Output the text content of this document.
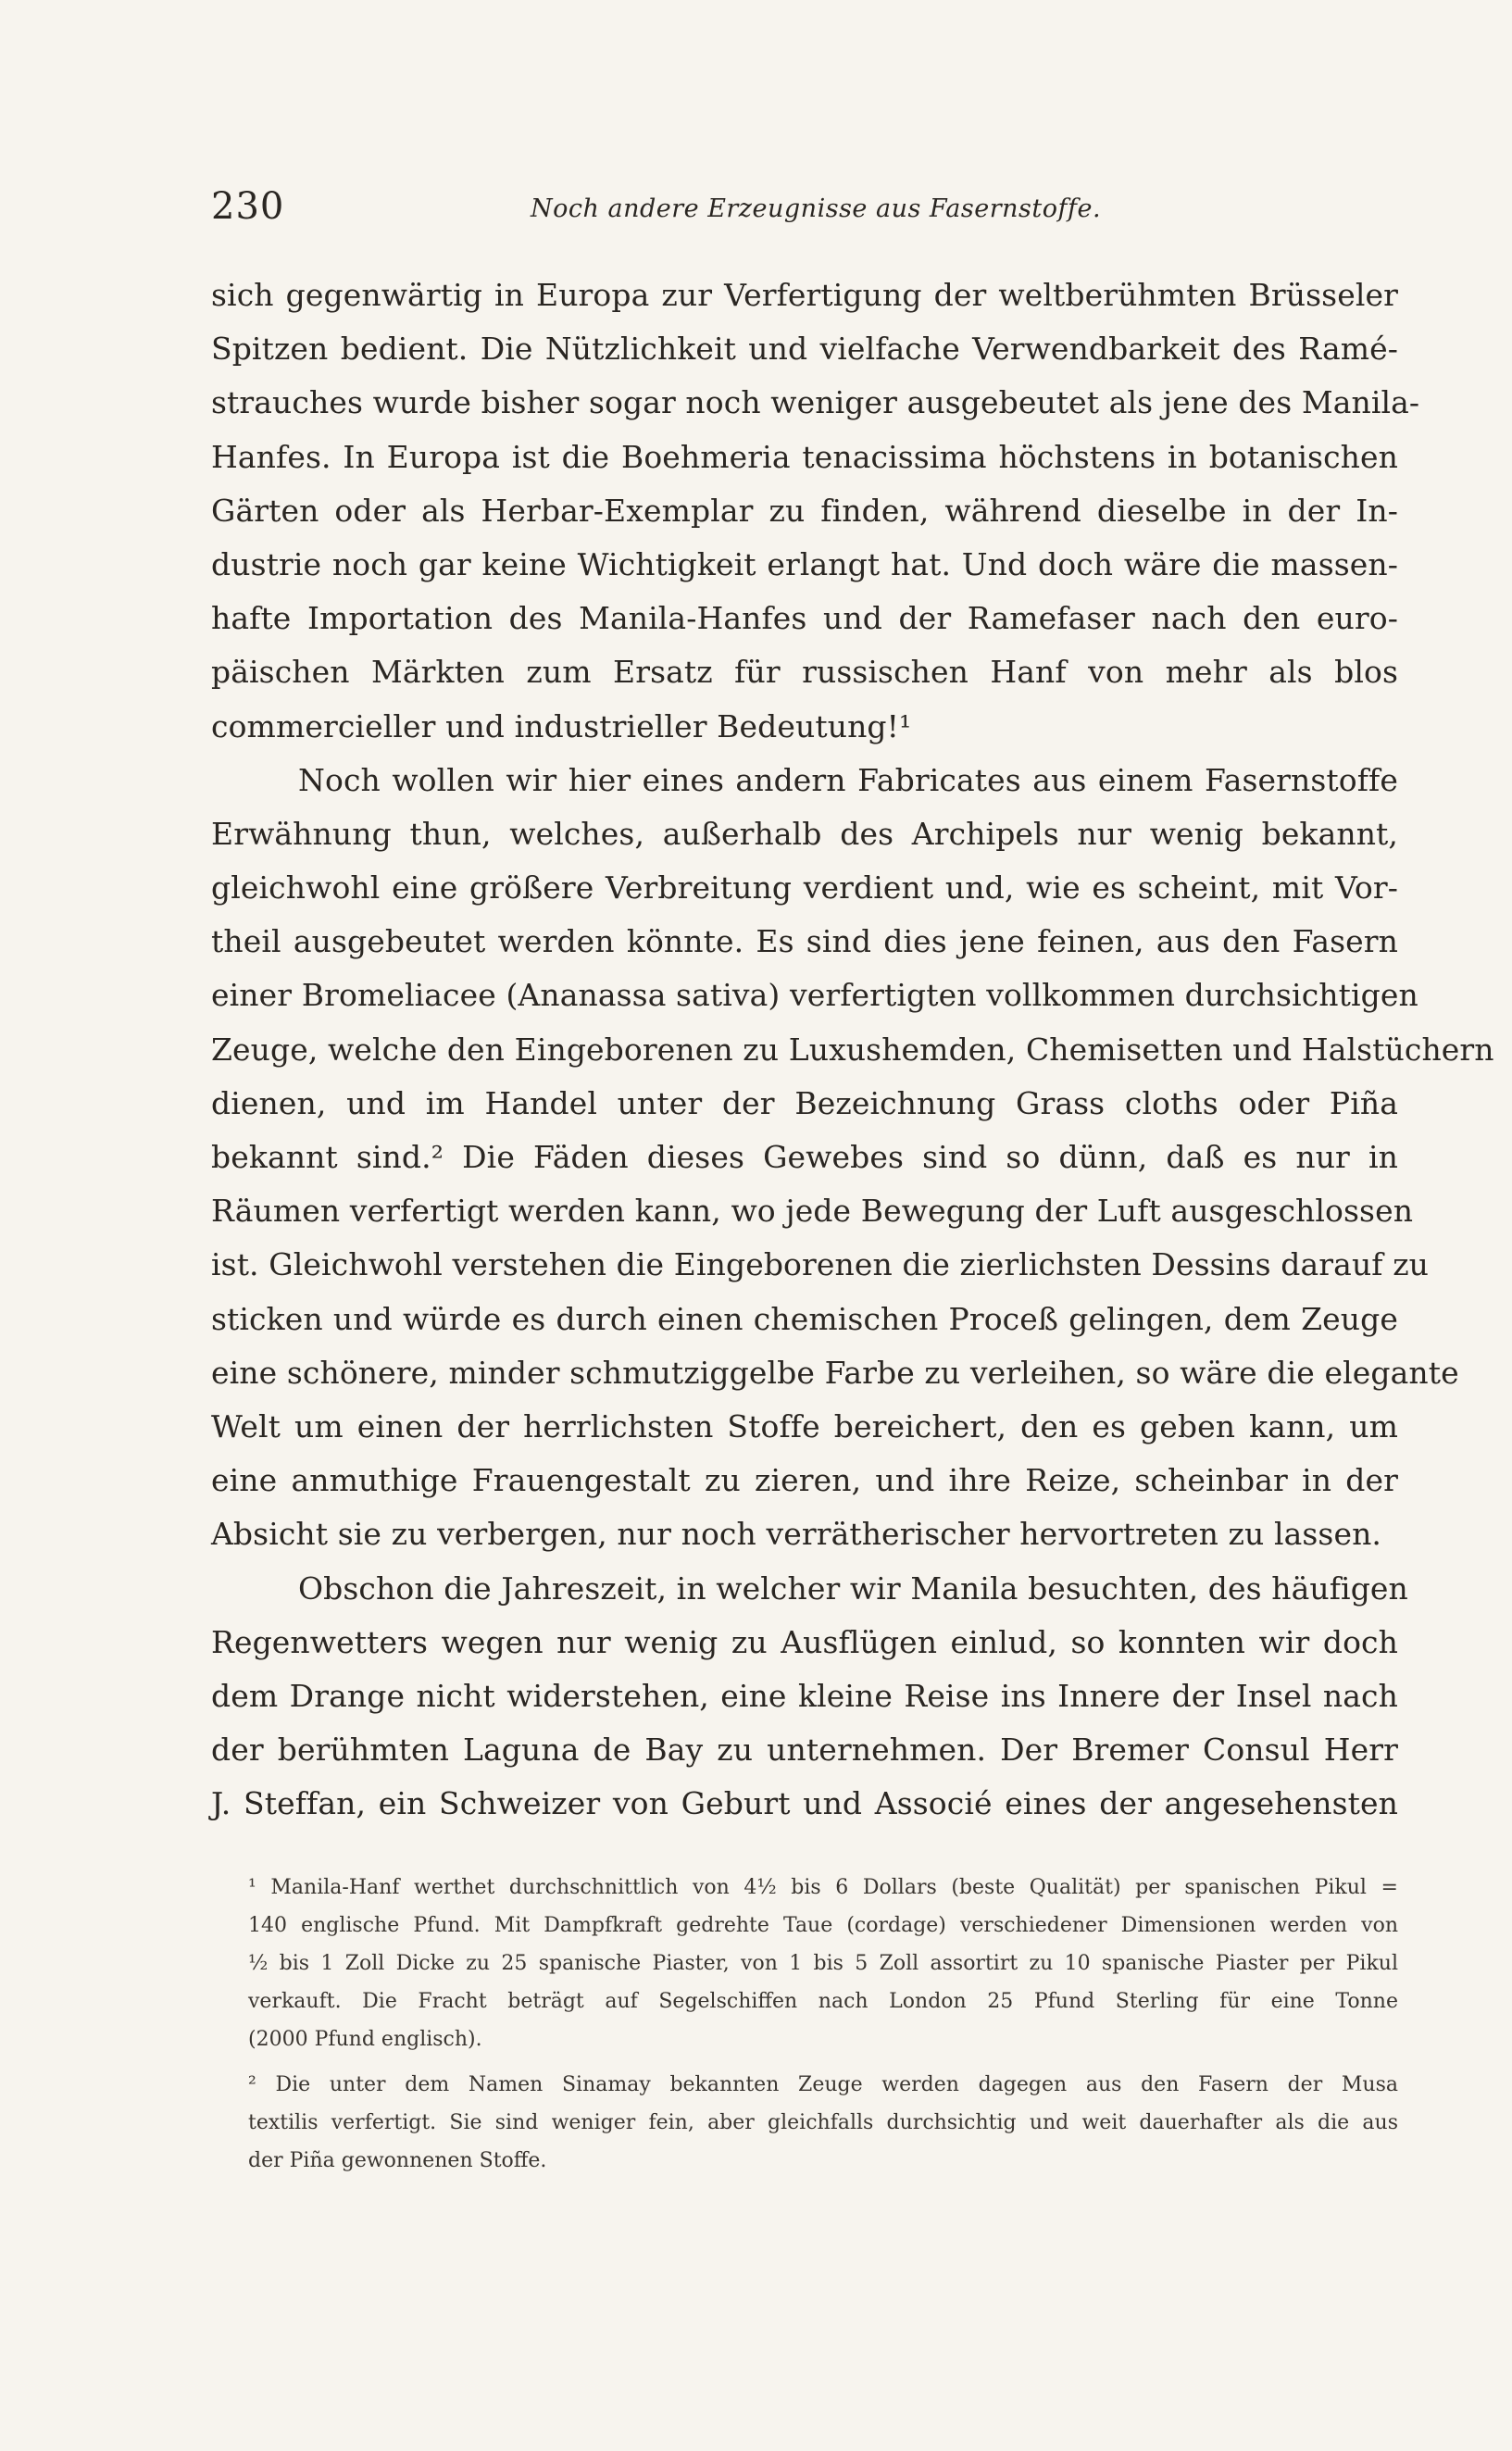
230	Noch andere Erzeugnisse aus Fasernstoffe.
sich gegenwärtig in Europa zur Verfertigung der weltberühmten Brüsseler
Spitzen bedient. Die Nützlichkeit und vielfache Verwendbarkeit des Ramé-
strauches wurde bisher sogar noch weniger ausgebeutet als jene des Manila-
Hanfes. In Europa ist die Boehmeria tenacissima höchstens in botanischen
Gärten oder als Herbar-Exemplar zu finden, während dieselbe in der In-
dustrie noch gar keine Wichtigkeit erlangt hat. Und doch wäre die massen-
hafte Importation des Manila-Hanfes und der Ramefaser nach den euro-
päischen Märkten zum Ersatz für russischen Hanf von mehr als blos
commercieller und industrieller Bedeutung!¹
Noch wollen wir hier eines andern Fabricates aus einem Fasernstoffe
Erwähnung thun, welches, außerhalb des Archipels nur wenig bekannt,
gleichwohl eine größere Verbreitung verdient und, wie es scheint, mit Vor-
theil ausgebeutet werden könnte. Es sind dies jene feinen, aus den Fasern
einer Bromeliacee (Ananassa sativa) verfertigten vollkommen durchsichtigen
Zeuge, welche den Eingeborenen zu Luxushemden, Chemisetten und Halstüchern
dienen, und im Handel unter der Bezeichnung Grass cloths oder Piña
bekannt sind.² Die Fäden dieses Gewebes sind so dünn, daß es nur in
Räumen verfertigt werden kann, wo jede Bewegung der Luft ausgeschlossen
ist. Gleichwohl verstehen die Eingeborenen die zierlichsten Dessins darauf zu
sticken und würde es durch einen chemischen Proceß gelingen, dem Zeuge
eine schönere, minder schmutziggelbe Farbe zu verleihen, so wäre die elegante
Welt um einen der herrlichsten Stoffe bereichert, den es geben kann, um
eine anmuthige Frauengestalt zu zieren, und ihre Reize, scheinbar in der
Absicht sie zu verbergen, nur noch verrätherischer hervortreten zu lassen.
Obschon die Jahreszeit, in welcher wir Manila besuchten, des häufigen
Regenwetters wegen nur wenig zu Ausflügen einlud, so konnten wir doch
dem Drange nicht widerstehen, eine kleine Reise ins Innere der Insel nach
der berühmten Laguna de Bay zu unternehmen. Der Bremer Consul Herr
J. Steffan, ein Schweizer von Geburt und Associé eines der angesehensten
¹ Manila-Hanf werthet durchschnittlich von 4½ bis 6 Dollars (beste Qualität) per spanischen Pikul =
140 englische Pfund. Mit Dampfkraft gedrehte Taue (cordage) verschiedener Dimensionen werden von
½ bis 1 Zoll Dicke zu 25 spanische Piaster, von 1 bis 5 Zoll assortirt zu 10 spanische Piaster per Pikul
verkauft. Die Fracht beträgt auf Segelschiffen nach London 25 Pfund Sterling für eine Tonne
(2000 Pfund englisch).
² Die unter dem Namen Sinamay bekannten Zeuge werden dagegen aus den Fasern der Musa
textilis verfertigt. Sie sind weniger fein, aber gleichfalls durchsichtig und weit dauerhafter als die aus
der Piña gewonnenen Stoffe.
